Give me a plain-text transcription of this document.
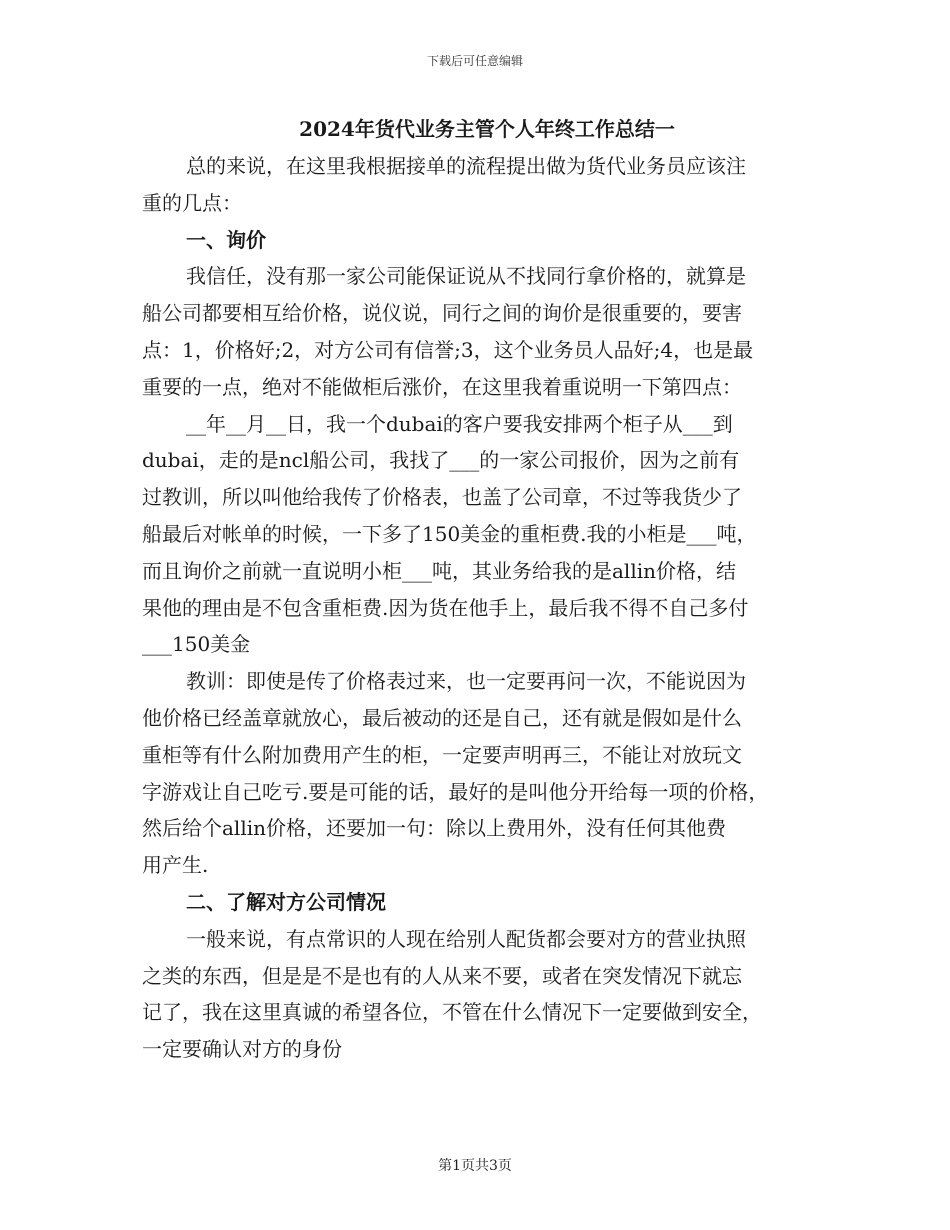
下载后可任意编辑
2024年货代业务主管个人年终工作总结一

总的来说，在这里我根据接单的流程提出做为货代业务员应该注
重的几点：

一、询价

我信任，没有那一家公司能保证说从不找同行拿价格的，就算是
船公司都要相互给价格，说仪说，同行之间的询价是很重要的，要害
点：1，价格好;2，对方公司有信誉;3，这个业务员人品好;4，也是最
重要的一点，绝对不能做柜后涨价，在这里我着重说明一下第四点：

__年__月__日，我一个dubai的客户要我安排两个柜子从___到
dubai，走的是ncl船公司，我找了___的一家公司报价，因为之前有
过教训，所以叫他给我传了价格表，也盖了公司章，不过等我货少了
船最后对帐单的时候，一下多了150美金的重柜费.我的小柜是___吨，
而且询价之前就一直说明小柜___吨，其业务给我的是allin价格，结
果他的理由是不包含重柜费.因为货在他手上，最后我不得不自己多付
___150美金

教训：即使是传了价格表过来，也一定要再问一次，不能说因为
他价格已经盖章就放心，最后被动的还是自己，还有就是假如是什么
重柜等有什么附加费用产生的柜，一定要声明再三，不能让对放玩文
字游戏让自己吃亏.要是可能的话，最好的是叫他分开给每一项的价格，
然后给个allin价格，还要加一句：除以上费用外，没有任何其他费
用产生.

二、了解对方公司情况

一般来说，有点常识的人现在给别人配货都会要对方的营业执照
之类的东西，但是是不是也有的人从来不要，或者在突发情况下就忘
记了，我在这里真诚的希望各位，不管在什么情况下一定要做到安全，
一定要确认对方的身份

第1页共3页
